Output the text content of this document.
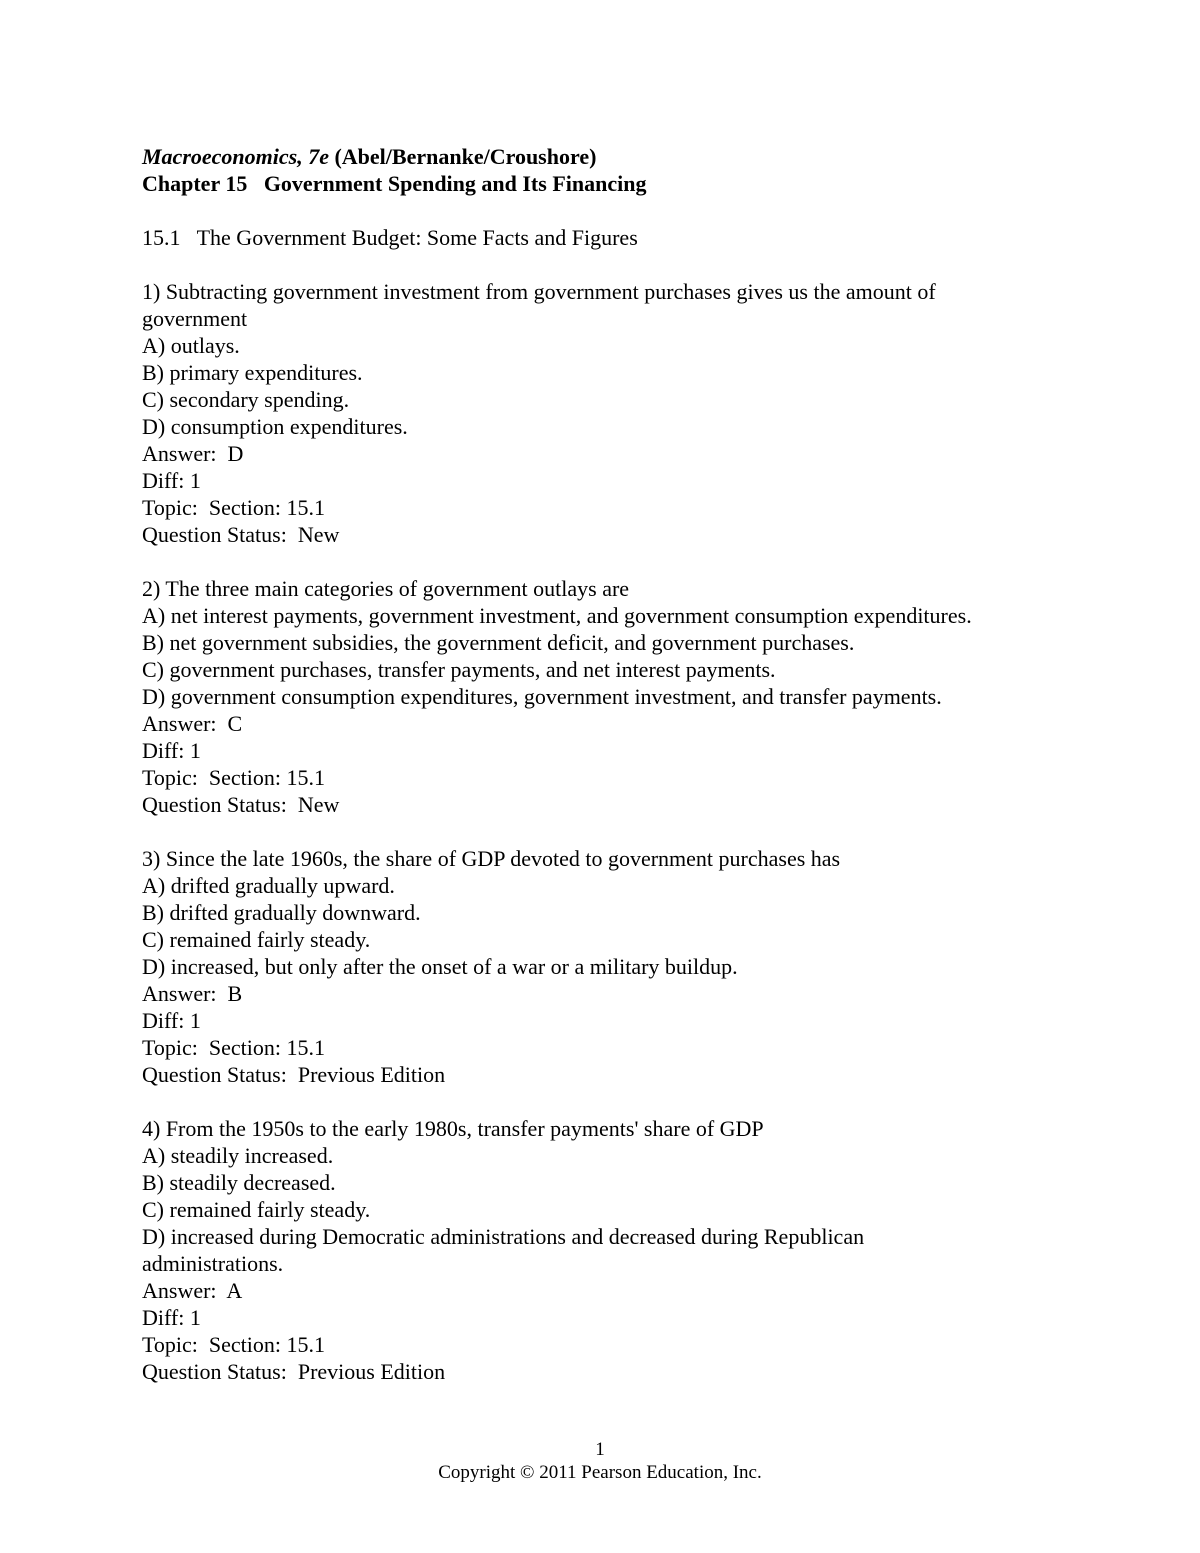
Macroeconomics, 7e (Abel/Bernanke/Croushore)

Chapter 15   Government Spending and Its Financing

15.1   The Government Budget: Some Facts and Figures
1) Subtracting government investment from government purchases gives us the amount of
government
A) outlays.
B) primary expenditures.
C) secondary spending.
D) consumption expenditures.
Answer:  D
Diff: 1
Topic:  Section: 15.1
Question Status:  New
2) The three main categories of government outlays are
A) net interest payments, government investment, and government consumption expenditures.
B) net government subsidies, the government deficit, and government purchases.
C) government purchases, transfer payments, and net interest payments.
D) government consumption expenditures, government investment, and transfer payments.
Answer:  C
Diff: 1
Topic:  Section: 15.1
Question Status:  New
3) Since the late 1960s, the share of GDP devoted to government purchases has
A) drifted gradually upward.
B) drifted gradually downward.
C) remained fairly steady.
D) increased, but only after the onset of a war or a military buildup.
Answer:  B
Diff: 1
Topic:  Section: 15.1
Question Status:  Previous Edition
4) From the 1950s to the early 1980s, transfer payments' share of GDP
A) steadily increased.
B) steadily decreased.
C) remained fairly steady.
D) increased during Democratic administrations and decreased during Republican
administrations.
Answer:  A
Diff: 1
Topic:  Section: 15.1
Question Status:  Previous Edition
1
Copyright © 2011 Pearson Education, Inc.
